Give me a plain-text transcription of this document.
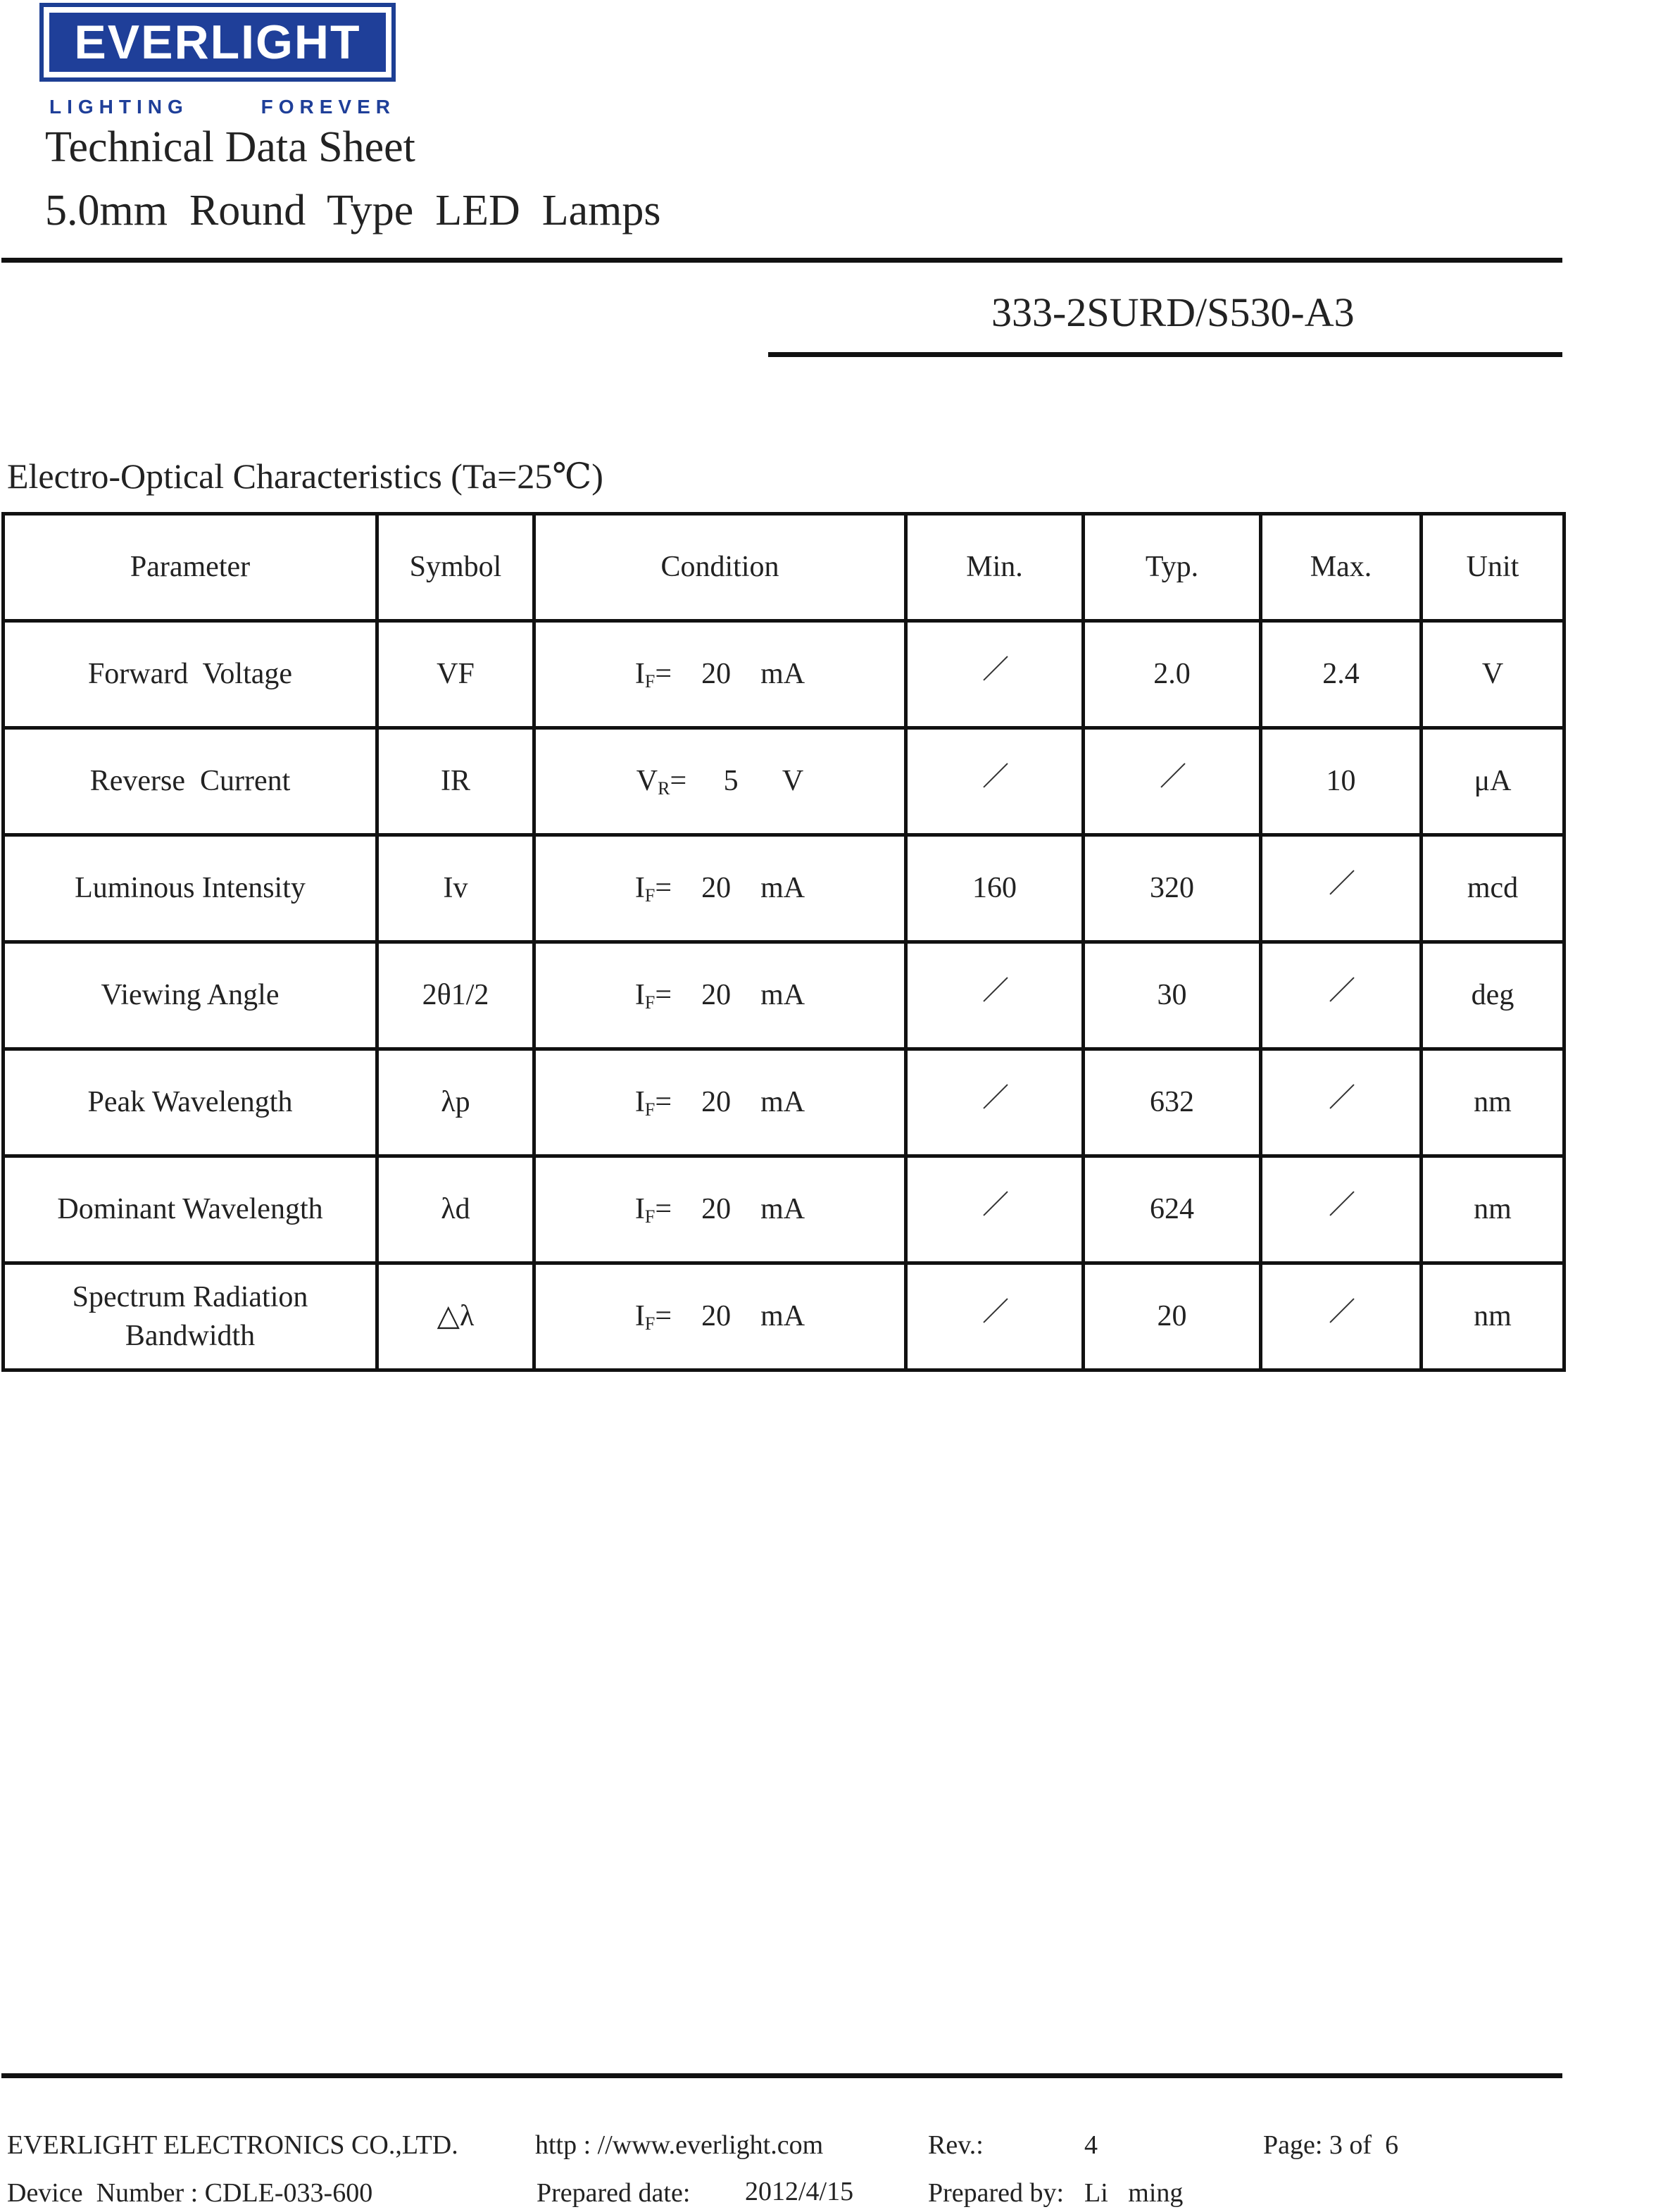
EVERLIGHT
LIGHTING	FOREVER
Technical Data Sheet
5.0mm  Round  Type  LED  Lamps
333-2SURD/S530-A3
Electro-Optical Characteristics (Ta=25℃)
Parameter	Symbol	Condition	Min.	Typ.	Max.	Unit
Forward  Voltage	VF	$I_F=$    20    mA		2.0	2.4	V
Reverse  Current	IR	$V_R=$     5      V			10	μA
Luminous Intensity	Iv	$I_F=$    20    mA	160	320		mcd
Viewing Angle	2θ1/2	$I_F=$    20    mA		30		deg
Peak Wavelength	λp	$I_F=$    20    mA		632		nm
Dominant Wavelength	λd	$I_F=$    20    mA		624		nm

Spectrum Radiation
Bandwidth	△λ	$I_F=$    20    mA		20		nm
EVERLIGHT ELECTRONICS CO.,LTD.	http : //www.everlight.com	Rev.:	4	Page: 3 of  6
Device  Number : CDLE-033-600	Prepared date: 2012/4/15	Prepared by: Li   ming
